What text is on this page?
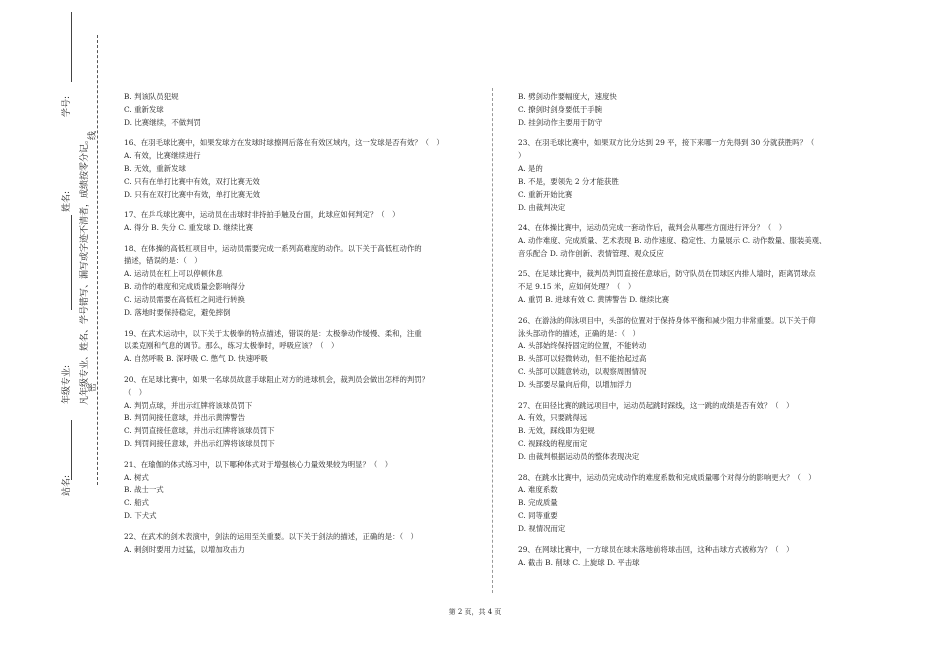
学号:
姓名: 凡年级专业、姓名、学号错写、漏写或字迹不清者，成绩按零分记。
线
年级专业: 密
站名:
B. 判该队员犯规
C. 重新发球
D. 比赛继续，不做判罚
16、在羽毛球比赛中，如果发球方在发球时球擦网后落在有效区域内，这一发球是否有效？（　）
A. 有效，比赛继续进行
B. 无效，重新发球
C. 只有在单打比赛中有效，双打比赛无效
D. 只有在双打比赛中有效，单打比赛无效
17、在乒乓球比赛中，运动员在击球时非持拍手触及台面，此球应如何判定？（　）
A. 得分 B. 失分 C. 重发球 D. 继续比赛
18、在体操的高低杠项目中，运动员需要完成一系列高难度的动作。以下关于高低杠动作的
描述，错误的是：（　）
A. 运动员在杠上可以停顿休息
B. 动作的难度和完成质量会影响得分
C. 运动员需要在高低杠之间进行转换
D. 落地时要保持稳定，避免摔倒
19、在武术运动中，以下关于太极拳的特点描述，错误的是：太极拳动作缓慢、柔和，注重
以柔克刚和气息的调节。那么，练习太极拳时，呼吸应该？（　）
A. 自然呼吸 B. 深呼吸 C. 憋气 D. 快速呼吸
20、在足球比赛中，如果一名球员故意手球阻止对方的进球机会，裁判员会做出怎样的判罚？
（　）
A. 判罚点球，并出示红牌将该球员罚下
B. 判罚间接任意球，并出示黄牌警告
C. 判罚直接任意球，并出示红牌将该球员罚下
D. 判罚间接任意球，并出示红牌将该球员罚下
21、在瑜伽的体式练习中，以下哪种体式对于增强核心力量效果较为明显？（　）
A. 树式
B. 战士一式
C. 船式
D. 下犬式
22、在武术的剑术表演中，剑法的运用至关重要。以下关于剑法的描述，正确的是：（　）
A. 刺剑时要用力过猛，以增加攻击力
B. 劈剑动作要幅度大，速度快
C. 撩剑时剑身要低于手腕
D. 挂剑动作主要用于防守
23、在羽毛球比赛中，如果双方比分达到 29 平，接下来哪一方先得到 30 分就获胜吗？（
）
A. 是的
B. 不是，要领先 2 分才能获胜
C. 重新开始比赛
D. 由裁判决定
24、在体操比赛中，运动员完成一套动作后，裁判会从哪些方面进行评分？（　）
A. 动作难度、完成质量、艺术表现 B. 动作速度、稳定性、力量展示 C. 动作数量、服装美观、
音乐配合 D. 动作创新、表情管理、观众反应
25、在足球比赛中，裁判员判罚直接任意球后，防守队员在罚球区内排人墙时，距离罚球点
不足 9.15 米，应如何处理？（　）
A. 重罚 B. 进球有效 C. 黄牌警告 D. 继续比赛
26、在游泳的仰泳项目中，头部的位置对于保持身体平衡和减少阻力非常重要。以下关于仰
泳头部动作的描述，正确的是：（　）
A. 头部始终保持固定的位置，不能转动
B. 头部可以轻微转动，但不能抬起过高
C. 头部可以随意转动，以观察周围情况
D. 头部要尽量向后仰，以增加浮力
27、在田径比赛的跳远项目中，运动员起跳时踩线，这一跳的成绩是否有效？（　）
A. 有效，只要跳得远
B. 无效，踩线即为犯规
C. 视踩线的程度而定
D. 由裁判根据运动员的整体表现决定
28、在跳水比赛中，运动员完成动作的难度系数和完成质量哪个对得分的影响更大？（　）
A. 难度系数
B. 完成质量
C. 同等重要
D. 视情况而定
29、在网球比赛中，一方球员在球未落地前将球击回，这种击球方式被称为？（　）
A. 截击 B. 削球 C. 上旋球 D. 平击球
第 2 页，共 4 页
